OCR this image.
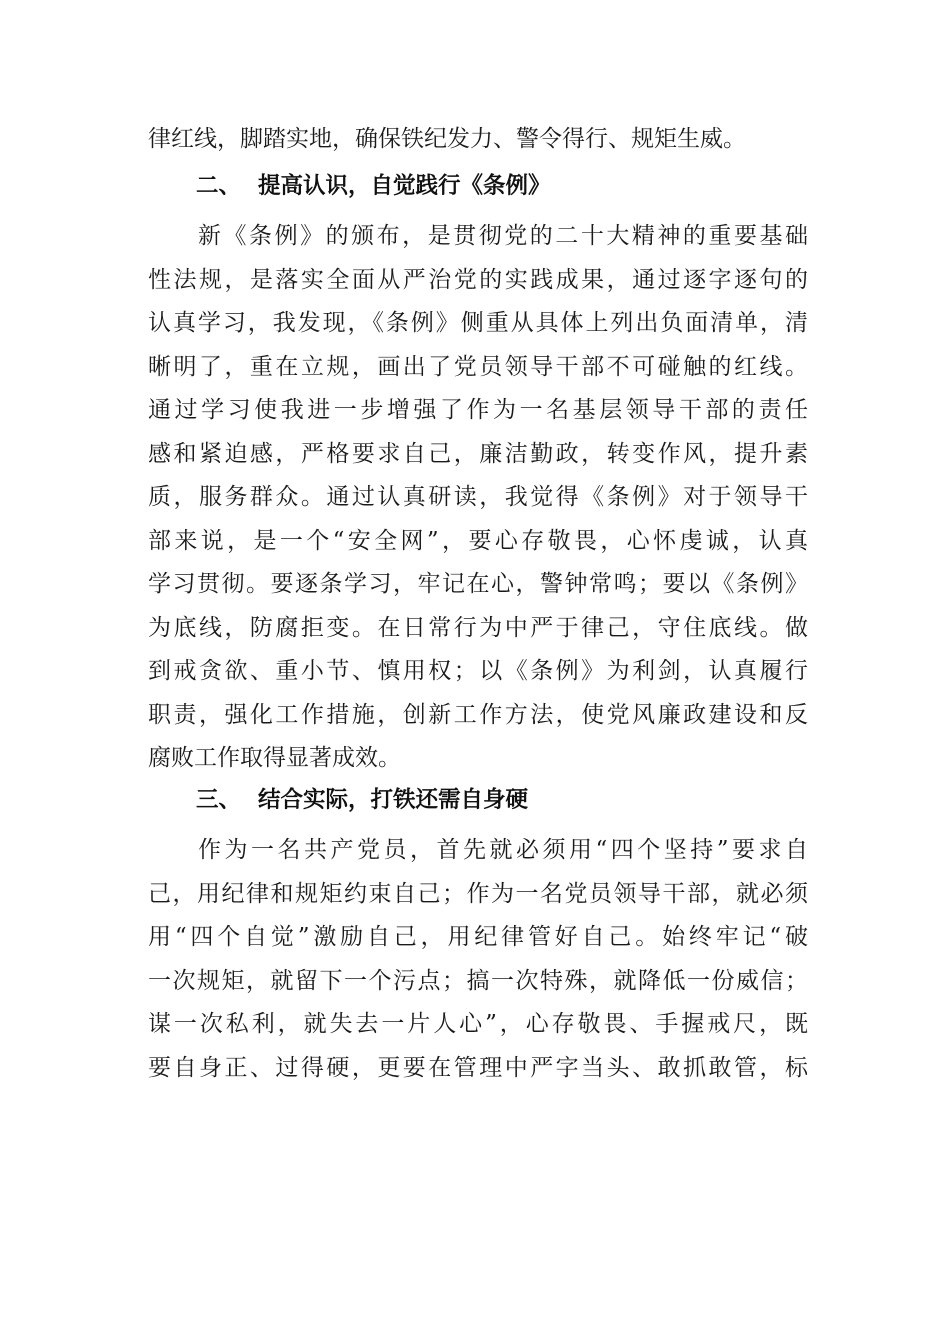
律红线，脚踏实地，确保铁纪发力、警令得行、规矩生威。
二、 提高认识，自觉践行《条例》
新《条例》的颁布，是贯彻党的二十大精神的重要基础
性法规，是落实全面从严治党的实践成果，通过逐字逐句的
认真学习，我发现，《条例》侧重从具体上列出负面清单，清
晰明了，重在立规，画出了党员领导干部不可碰触的红线。
通过学习使我进一步增强了作为一名基层领导干部的责任
感和紧迫感，严格要求自己，廉洁勤政，转变作风，提升素
质，服务群众。通过认真研读，我觉得《条例》对于领导干
部来说，是一个“安全网”，要心存敬畏，心怀虔诚，认真
学习贯彻。要逐条学习，牢记在心，警钟常鸣；要以《条例》
为底线，防腐拒变。在日常行为中严于律己，守住底线。做
到戒贪欲、重小节、慎用权；以《条例》为利剑，认真履行
职责，强化工作措施，创新工作方法，使党风廉政建设和反
腐败工作取得显著成效。
三、 结合实际，打铁还需自身硬
作为一名共产党员，首先就必须用“四个坚持”要求自
己，用纪律和规矩约束自己；作为一名党员领导干部，就必须
用“四个自觉”激励自己，用纪律管好自己。始终牢记“破
一次规矩，就留下一个污点；搞一次特殊，就降低一份威信；
谋一次私利，就失去一片人心”，心存敬畏、手握戒尺，既
要自身正、过得硬，更要在管理中严字当头、敢抓敢管，标
